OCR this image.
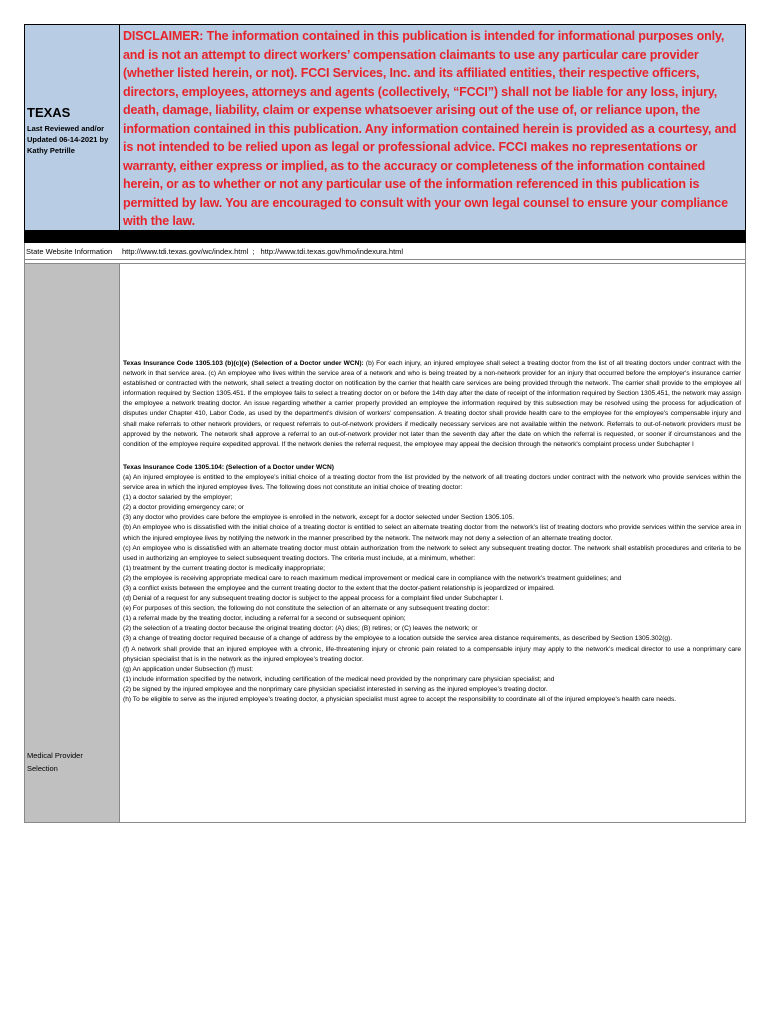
TEXAS
Last Reviewed and/or
Updated 06-14-2021 by
Kathy Petrille

DISCLAIMER: The information contained in this publication is intended for informational purposes only, and is not an attempt to direct workers’ compensation claimants to use any particular care provider (whether listed herein, or not). FCCI Services, Inc. and its affiliated entities, their respective officers, directors, employees, attorneys and agents (collectively, “FCCI”) shall not be liable for any loss, injury, death, damage, liability, claim or expense whatsoever arising out of the use of, or reliance upon, the information contained in this publication. Any information contained herein is provided as a courtesy, and is not intended to be relied upon as legal or professional advice. FCCI makes no representations or warranty, either express or implied, as to the accuracy or completeness of the information contained herein, or as to whether or not any particular use of the information referenced in this publication is permitted by law. You are encouraged to consult with your own legal counsel to ensure your compliance with the law.

State Website Information	http://www.tdi.texas.gov/wc/index.html ; http://www.tdi.texas.gov/hmo/indexura.html
Medical Provider
Selection

Texas Insurance Code 1305.103 (b)(c)(e) (Selection of a Doctor under WCN): (b) For each injury, an injured employee shall select a treating doctor from the list of all treating doctors under contract with the network in that service area. (c) An employee who lives within the service area of a network and who is being treated by a non-network provider for an injury that occurred before the employer's insurance carrier established or contracted with the network, shall select a treating doctor on notification by the carrier that health care services are being provided through the network. The carrier shall provide to the employee all information required by Section 1305.451. If the employee fails to select a treating doctor on or before the 14th day after the date of receipt of the information required by Section 1305.451, the network may assign the employee a network treating doctor. An issue regarding whether a carrier properly provided an employee the information required by this subsection may be resolved using the process for adjudication of disputes under Chapter 410, Labor Code, as used by the department's division of workers' compensation. A treating doctor shall provide health care to the employee for the employee's compensable injury and shall make referrals to other network providers, or request referrals to out-of-network providers if medically necessary services are not available within the network. Referrals to out-of-network providers must be approved by the network. The network shall approve a referral to an out-of-network provider not later than the seventh day after the date on which the referral is requested, or sooner if circumstances and the condition of the employee require expedited approval. If the network denies the referral request, the employee may appeal the decision through the network's complaint process under Subchapter I

Texas Insurance Code 1305.104: (Selection of a Doctor under WCN)

(a) An injured employee is entitled to the employee’s initial choice of a treating doctor from the list provided by the network of all treating doctors under contract with the network who provide services within the service area in which the injured employee lives. The following does not constitute an initial choice of treating doctor:

(1) a doctor salaried by the employer;

(2) a doctor providing emergency care; or

(3) any doctor who provides care before the employee is enrolled in the network, except for a doctor selected under Section 1305.105.

(b) An employee who is dissatisfied with the initial choice of a treating doctor is entitled to select an alternate treating doctor from the network’s list of treating doctors who provide services within the service area in which the injured employee lives by notifying the network in the manner prescribed by the network. The network may not deny a selection of an alternate treating doctor.

(c) An employee who is dissatisfied with an alternate treating doctor must obtain authorization from the network to select any subsequent treating doctor. The network shall establish procedures and criteria to be used in authorizing an employee to select subsequent treating doctors. The criteria must include, at a minimum, whether:

(1) treatment by the current treating doctor is medically inappropriate;

(2) the employee is receiving appropriate medical care to reach maximum medical improvement or medical care in compliance with the network’s treatment guidelines; and

(3) a conflict exists between the employee and the current treating doctor to the extent that the doctor-patient relationship is jeopardized or impaired.

(d) Denial of a request for any subsequent treating doctor is subject to the appeal process for a complaint filed under Subchapter I.

(e) For purposes of this section, the following do not constitute the selection of an alternate or any subsequent treating doctor:

(1) a referral made by the treating doctor, including a referral for a second or subsequent opinion;

(2) the selection of a treating doctor because the original treating doctor: (A) dies; (B) retires; or (C) leaves the network; or

(3) a change of treating doctor required because of a change of address by the employee to a location outside the service area distance requirements, as described by Section 1305.302(g).

(f) A network shall provide that an injured employee with a chronic, life-threatening injury or chronic pain related to a compensable injury may apply to the network’s medical director to use a nonprimary care physician specialist that is in the network as the injured employee’s treating doctor.

(g) An application under Subsection (f) must:

(1) include information specified by the network, including certification of the medical need provided by the nonprimary care physician specialist; and

(2) be signed by the injured employee and the nonprimary care physician specialist interested in serving as the injured employee’s treating doctor.

(h) To be eligible to serve as the injured employee’s treating doctor, a physician specialist must agree to accept the responsibility to coordinate all of the injured employee’s health care needs.
